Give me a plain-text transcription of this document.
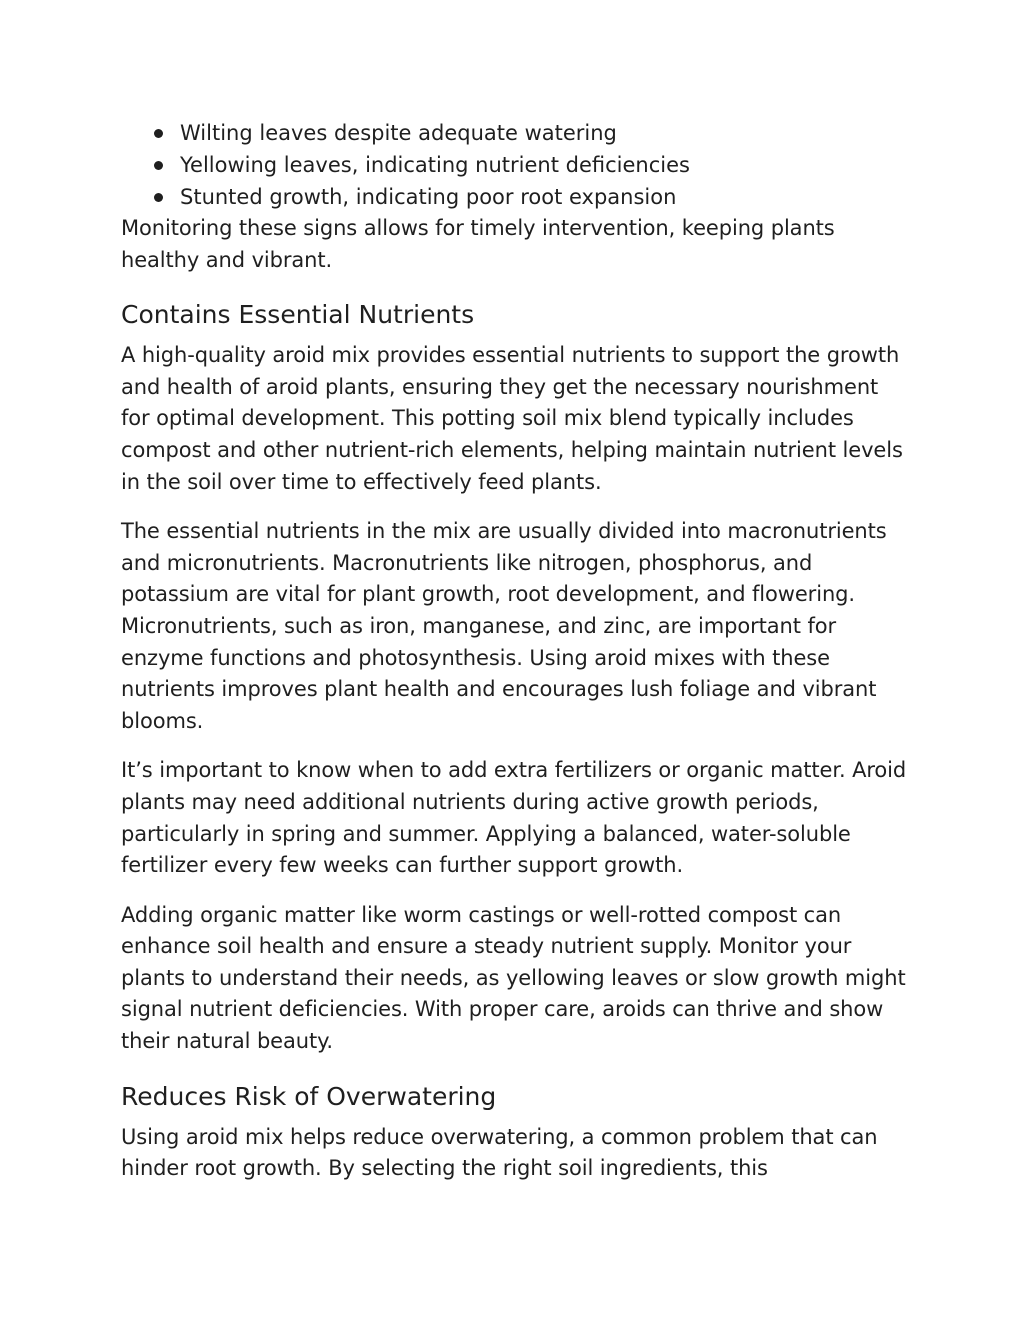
Wilting leaves despite adequate watering
Yellowing leaves, indicating nutrient deficiencies
Stunted growth, indicating poor root expansion

Monitoring these signs allows for timely intervention, keeping plants healthy and vibrant.

Contains Essential Nutrients

A high-quality aroid mix provides essential nutrients to support the growth and health of aroid plants, ensuring they get the necessary nourishment for optimal development. This potting soil mix blend typically includes compost and other nutrient-rich elements, helping maintain nutrient levels in the soil over time to effectively feed plants.

The essential nutrients in the mix are usually divided into macronutrients and micronutrients. Macronutrients like nitrogen, phosphorus, and potassium are vital for plant growth, root development, and flowering. Micronutrients, such as iron, manganese, and zinc, are important for enzyme functions and photosynthesis. Using aroid mixes with these nutrients improves plant health and encourages lush foliage and vibrant blooms.

It’s important to know when to add extra fertilizers or organic matter. Aroid plants may need additional nutrients during active growth periods, particularly in spring and summer. Applying a balanced, water-soluble fertilizer every few weeks can further support growth.

Adding organic matter like worm castings or well-rotted compost can enhance soil health and ensure a steady nutrient supply. Monitor your plants to understand their needs, as yellowing leaves or slow growth might signal nutrient deficiencies. With proper care, aroids can thrive and show their natural beauty.

Reduces Risk of Overwatering

Using aroid mix helps reduce overwatering, a common problem that can hinder root growth. By selecting the right soil ingredients, this
